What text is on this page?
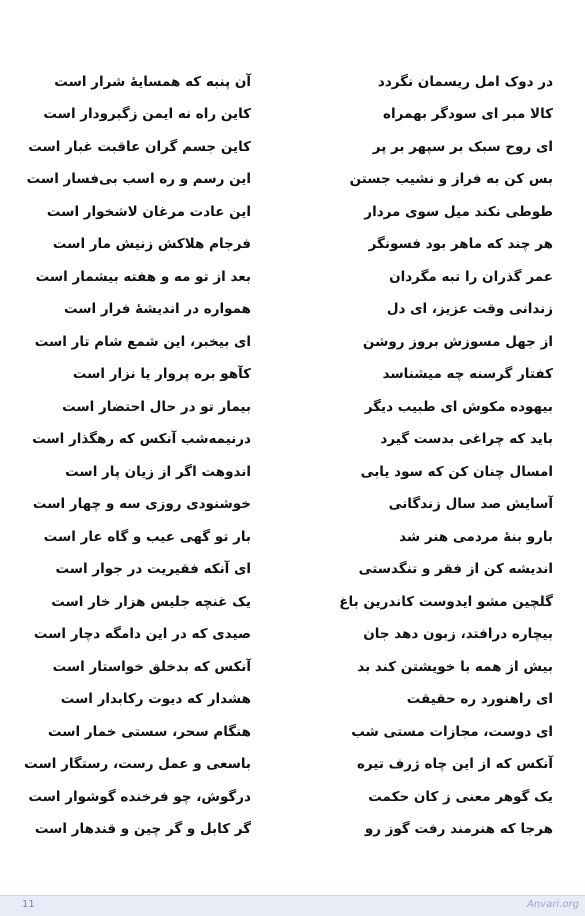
در دوک امل ریسمان نگردد
آن پنبه که همسایهٔ شرار است
کالا مبر ای سودگر بهمراه
کاین راه نه ایمن زگبرودار است
ای روح سبک بر سپهر بر پر
کاین جسم گران عاقبت غبار است
بس کن به فراز و نشیب جستن
این رسم و ره اسب بی‌فسار است
طوطی نکند میل سوی مردار
این عادت مرغان لاشخوار است
هر چند که ماهر بود فسونگر
فرجام هلاکش زنیش مار است
عمر گذران را تبه مگردان
بعد از تو مه و هفته بیشمار است
زندانی وقت عزیز، ای دل
همواره در اندیشهٔ فرار است
از جهل مسوزش بروز روشن
ای بیخبر، این شمع شام تار است
کفتار گرسنه چه میشناسد
کآهو بره پروار یا نزار است
بیهوده مکوش ای طبیب دیگر
بیمار تو در حال احتضار است
باید که چراغی بدست گیرد
درنیمه‌شب آنکس که رهگذار است
امسال چنان کن که سود یابی
اندوهت اگر از زیان پار است
آسایش صد سال زندگانی
خوشنودی روزی سه و چهار است
بارو بنهٔ مردمی هنر شد
بار تو گهی عیب و گاه عار است
اندیشه کن از فقر و تنگدستی
ای آنکه فقیریت در جوار است
گلچین مشو ایدوست کاندرین باغ
یک غنچه جلیس هزار خار است
بیچاره درافتد، زبون دهد جان
صیدی که در این دامگه دچار است
بیش از همه با خویشتن کند بد
آنکس که بدخلق خواستار است
ای راهنورد ره حقیقت
هشدار که دیوت رکابدار است
ای دوست، مجازات مستی شب
هنگام سحر، سستی خمار است
آنکس که از این چاه ژرف تیره
باسعی و عمل رست، رستگار است
یک گوهر معنی ز کان حکمت
درگوش، چو فرخنده گوشوار است
هرجا که هنرمند رفت گوز رو
گر کابل و گر چین و قندهار است
11	Anvari.org
